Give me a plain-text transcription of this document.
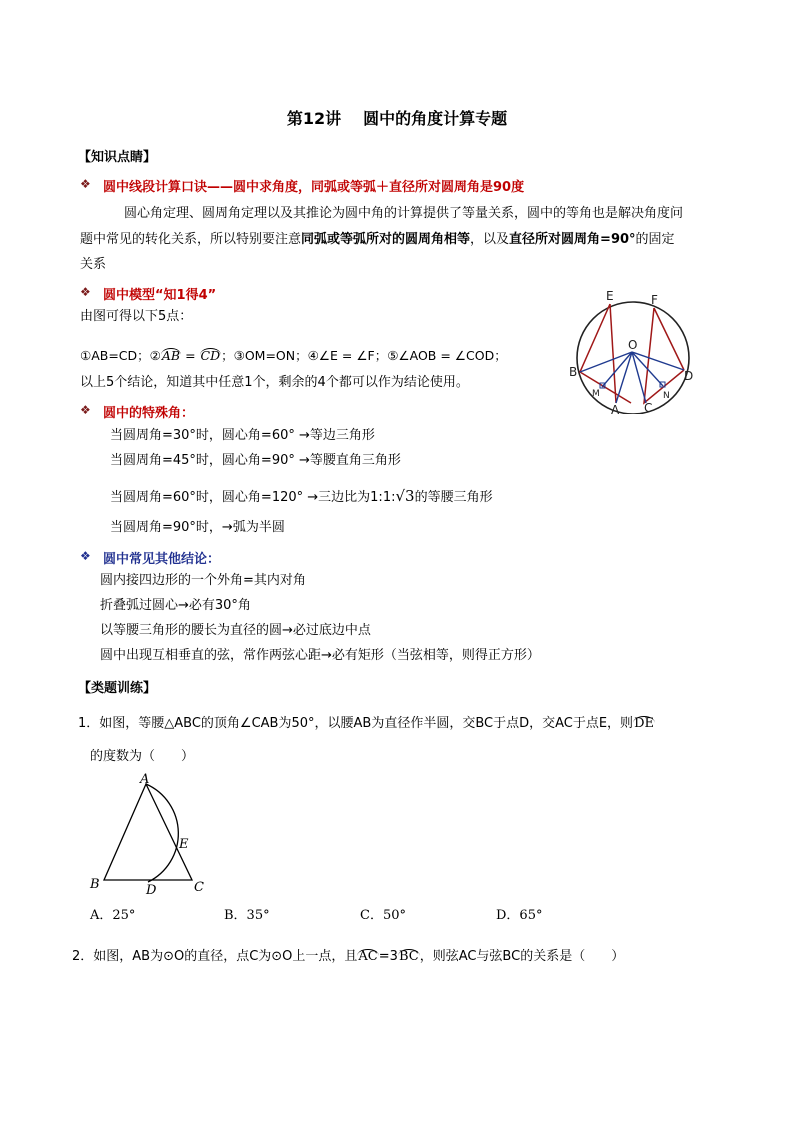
第12讲 圆中的角度计算专题
【知识点睛】
❖ 圆中线段计算口诀——圆中求角度，同弧或等弧＋直径所对圆周角是90度
圆心角定理、圆周角定理以及其推论为圆中角的计算提供了等量关系，圆中的等角也是解决角度问
题中常见的转化关系，所以特别要注意同弧或等弧所对的圆周角相等，以及直径所对圆周角=90°的固定
关系
❖ 圆中模型“知1得4”
由图可得以下5点：
①AB=CD；②AB = CD；③OM=ON；④∠E = ∠F；⑤∠AOB = ∠COD；
以上5个结论，知道其中任意1个，剩余的4个都可以作为结论使用。
E	F
O
B	D
A C
M	N
❖ 圆中的特殊角：
当圆周角=30°时，圆心角=60° →等边三角形
当圆周角=45°时，圆心角=90° →等腰直角三角形
当圆周角=60°时，圆心角=120° →三边比为1:1:√3的等腰三角形
当圆周角=90°时，→弧为半圆
❖ 圆中常见其他结论：
圆内接四边形的一个外角=其内对角
折叠弧过圆心→必有30°角
以等腰三角形的腰长为直径的圆→必过底边中点
圆中出现互相垂直的弦，常作两弦心距→必有矩形（当弦相等，则得正方形）
【类题训练】
1．如图，等腰△ABC的顶角∠CAB为50°，以腰AB为直径作半圆，交BC于点D，交AC于点E，则DE
的度数为（　　）
A
B	C
D
E
A．25°	B．35°	C．50°	D．65°
2．如图，AB为⊙O的直径，点C为⊙O上一点，且AC=3BC，则弦AC与弦BC的关系是（　　）
